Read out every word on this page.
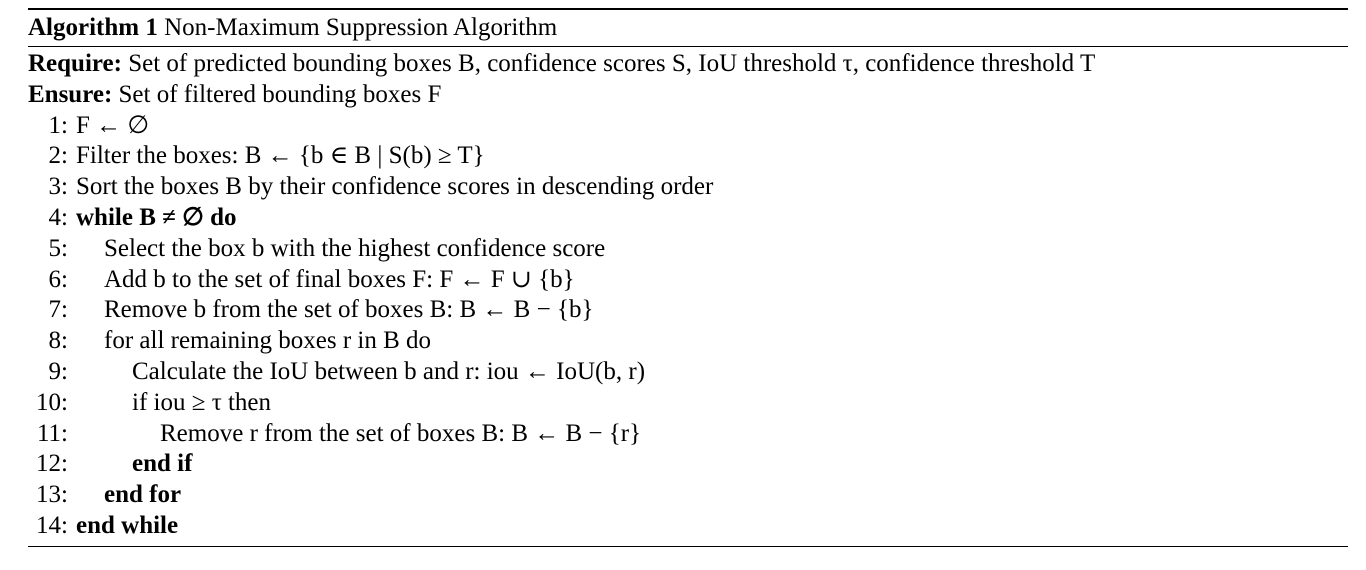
Algorithm 1 Non-Maximum Suppression Algorithm
Require: Set of predicted bounding boxes B, confidence scores S, IoU threshold τ, confidence threshold T
Ensure: Set of filtered bounding boxes F
1: F ← ∅
2: Filter the boxes: B ← {b ∈ B | S(b) ≥ T}
3: Sort the boxes B by their confidence scores in descending order
4: while B ≠ ∅ do
5: Select the box b with the highest confidence score
6: Add b to the set of final boxes F: F ← F ∪ {b}
7: Remove b from the set of boxes B: B ← B − {b}
8: for all remaining boxes r in B do
9:	Calculate the IoU between b and r: iou ← IoU(b, r)
10:	if iou ≥ τ then
11:	Remove r from the set of boxes B: B ← B − {r}
12:	end if
13: end for
14: end while
